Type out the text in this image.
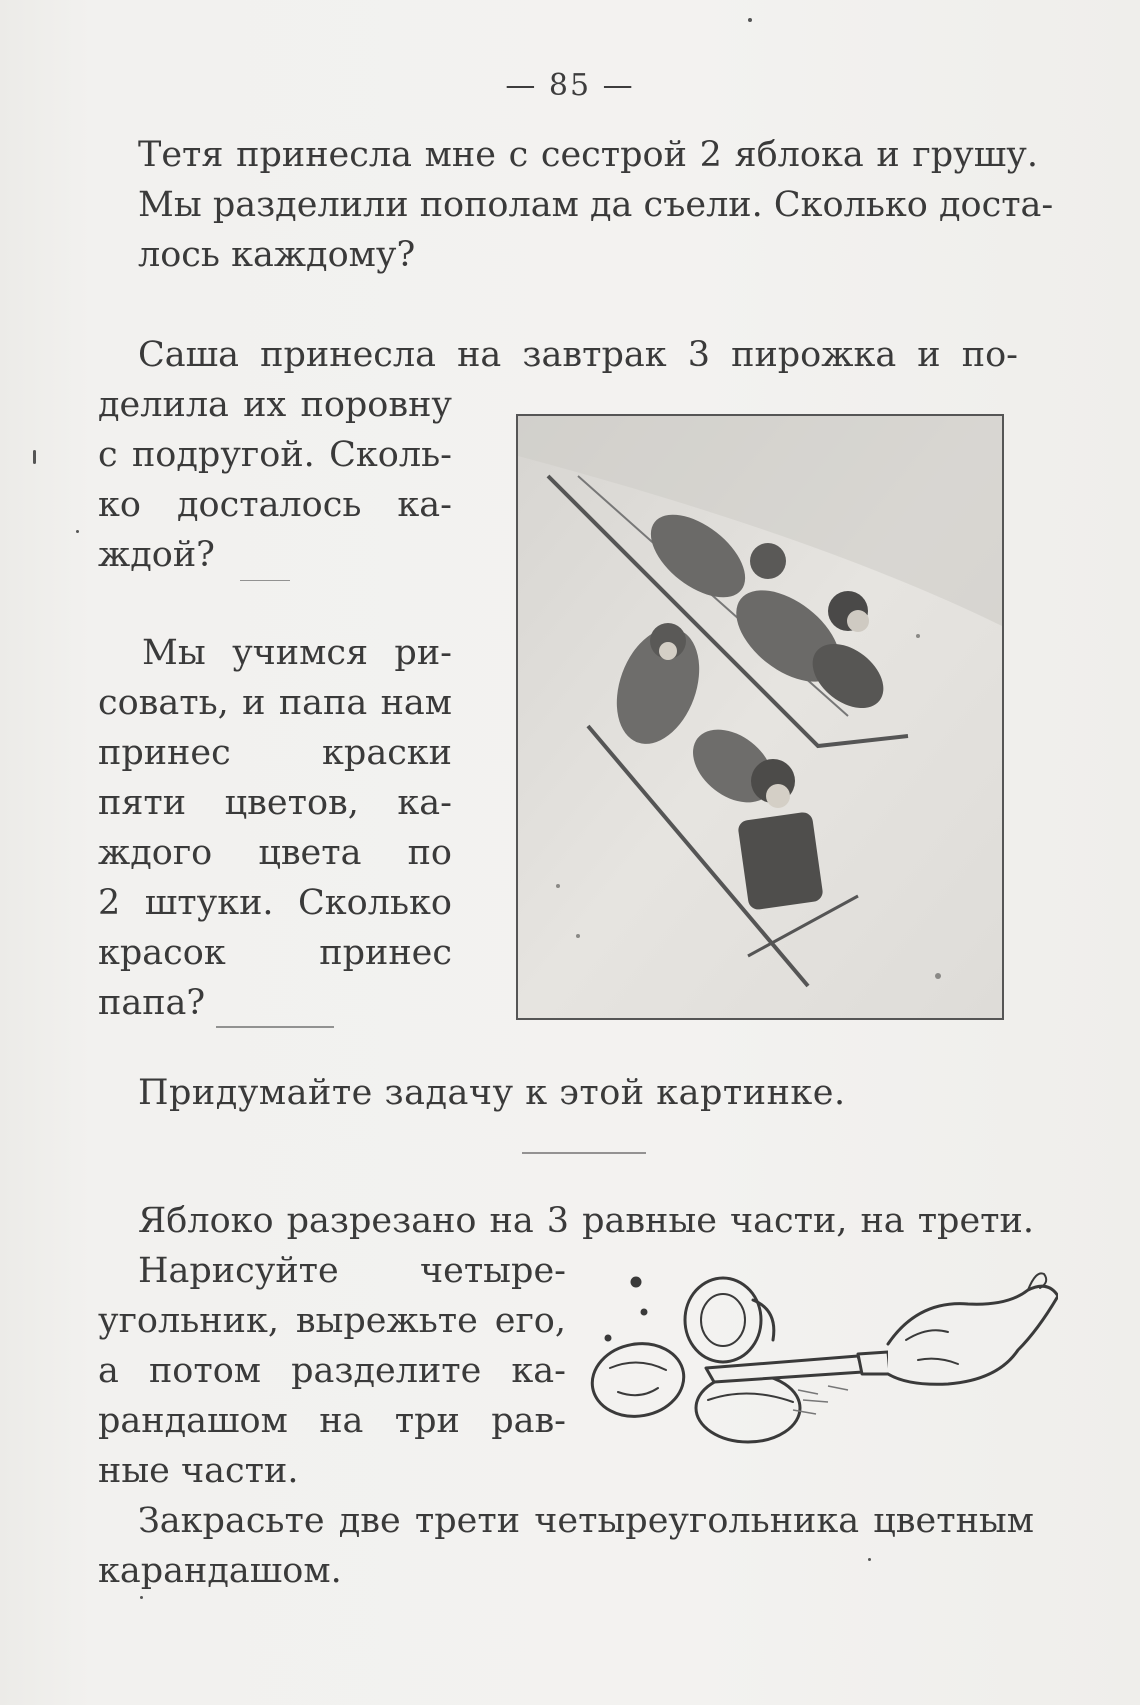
— 85 —
Тетя принесла мне с сестрой 2 яблока и грушу.
Мы разделили пополам да съели. Сколько доста-
лось каждому?
Саша принесла на завтрак 3 пирожка и по-
делила их поровну
с подругой. Сколь-
ко досталось ка-
ждой?
Мы учимся ри-
совать, и папа нам
принес краски
пяти цветов, ка-
ждого цвета по
2 штуки. Сколько
красок принес
папа?
Придумайте задачу к этой картинке.
Яблоко разрезано на 3 равные части, на трети.
Нарисуйте четыре-
угольник, вырежьте его,
а потом разделите ка-
рандашом на три рав-
ные части.
Закрасьте две трети четыреугольника цветным
карандашом.
